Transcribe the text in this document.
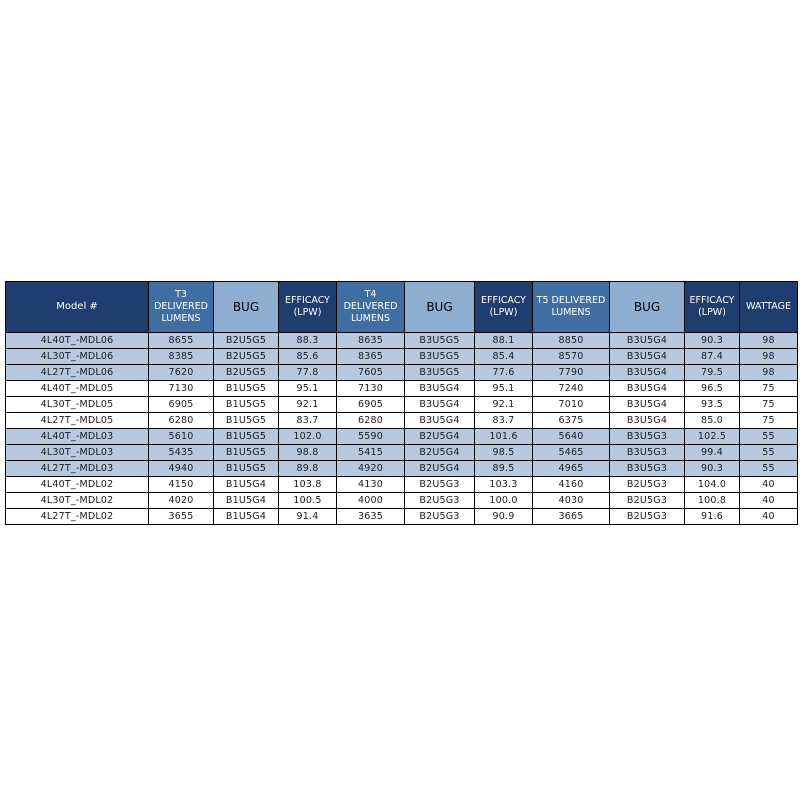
Model #	T3 DELIVERED LUMENS	BUG	EFFICACY (LPW)	T4 DELIVERED LUMENS	BUG	EFFICACY (LPW)	T5 DELIVERED LUMENS	BUG	EFFICACY (LPW)	WATTAGE
4L40T_-MDL06	8655	B2U5G5	88.3	8635	B3U5G5	88.1	8850	B3U5G4	90.3	98
4L30T_-MDL06	8385	B2U5G5	85.6	8365	B3U5G5	85.4	8570	B3U5G4	87.4	98
4L27T_-MDL06	7620	B2U5G5	77.8	7605	B3U5G5	77.6	7790	B3U5G4	79.5	98
4L40T_-MDL05	7130	B1U5G5	95.1	7130	B3U5G4	95.1	7240	B3U5G4	96.5	75
4L30T_-MDL05	6905	B1U5G5	92.1	6905	B3U5G4	92.1	7010	B3U5G4	93.5	75
4L27T_-MDL05	6280	B1U5G5	83.7	6280	B3U5G4	83.7	6375	B3U5G4	85.0	75
4L40T_-MDL03	5610	B1U5G5	102.0	5590	B2U5G4	101.6	5640	B3U5G3	102.5	55
4L30T_-MDL03	5435	B1U5G5	98.8	5415	B2U5G4	98.5	5465	B3U5G3	99.4	55
4L27T_-MDL03	4940	B1U5G5	89.8	4920	B2U5G4	89.5	4965	B3U5G3	90.3	55
4L40T_-MDL02	4150	B1U5G4	103.8	4130	B2U5G3	103.3	4160	B2U5G3	104.0	40
4L30T_-MDL02	4020	B1U5G4	100.5	4000	B2U5G3	100.0	4030	B2U5G3	100.8	40
4L27T_-MDL02	3655	B1U5G4	91.4	3635	B2U5G3	90.9	3665	B2U5G3	91.6	40
